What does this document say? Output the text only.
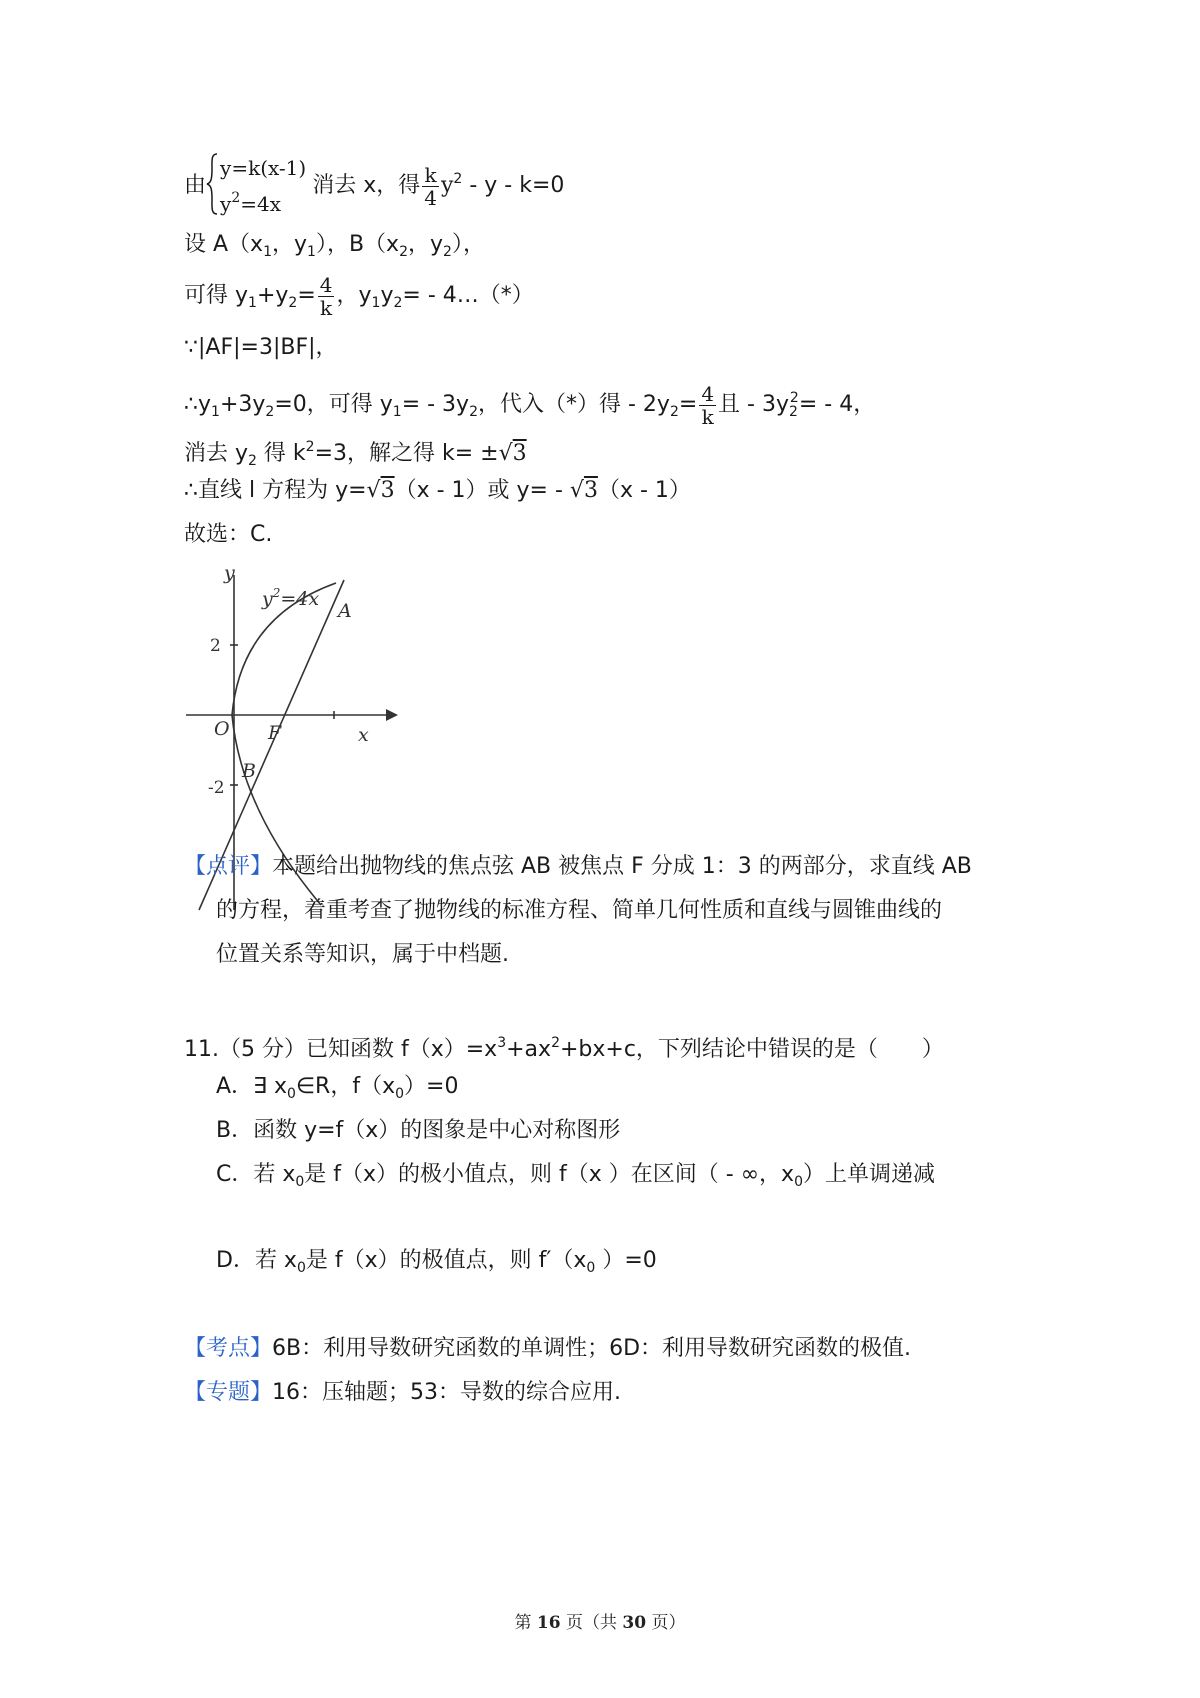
由
y=k(x-1)
$y^2=4x$
消去 x，得 $\frac{k}{4} y^2 - y - k=0$
设 $A(x_1$，$y_1$），$B(x_2$，$y_2$），
可得 $y_1+y_2= \frac{4}{k}$ ，$y_1y_2=$ - 4…（*）
∵|AF|=3|BF|，
$\therefore y_1+3y_2=0$，可得 $y_1= - 3y_2$，代入（*）得 - $2y_2= \frac{4}{k}$ 且 - $3y_2^2= - 4$，
消去 $y_2$ 得 $k^2=3$，解之得 k= ±√3
∴直线 l 方程为 y=√3（x - 1）或 y= - √3（x - 1）
故选：C.
$y^2=4x$
A
O F	x
B
2
-2
y
【点评】本题给出抛物线的焦点弦 AB 被焦点 F 分成 1：3 的两部分，求直线 AB
的方程，着重考查了抛物线的标准方程、简单几何性质和直线与圆锥曲线的
位置关系等知识，属于中档题.
11.（5 分）已知函数 $f(x)=x^3+ax^2+bx+c$，下列结论中错误的是（　　）
A．∃ $x_0\in R$，$f(x_0)=0$
B．函数 y=f（x）的图象是中心对称图形
C．若 $x_0$是 f（x）的极小值点，则 f（x ）在区间（ - ∞，$x_0$）上单调递减
D．若 $x_0$是 f（x）的极值点，则 $f'(x_0$ ）=0
【考点】6B：利用导数研究函数的单调性；6D：利用导数研究函数的极值.
【专题】16：压轴题；53：导数的综合应用.
第 16 页（共 30 页）
